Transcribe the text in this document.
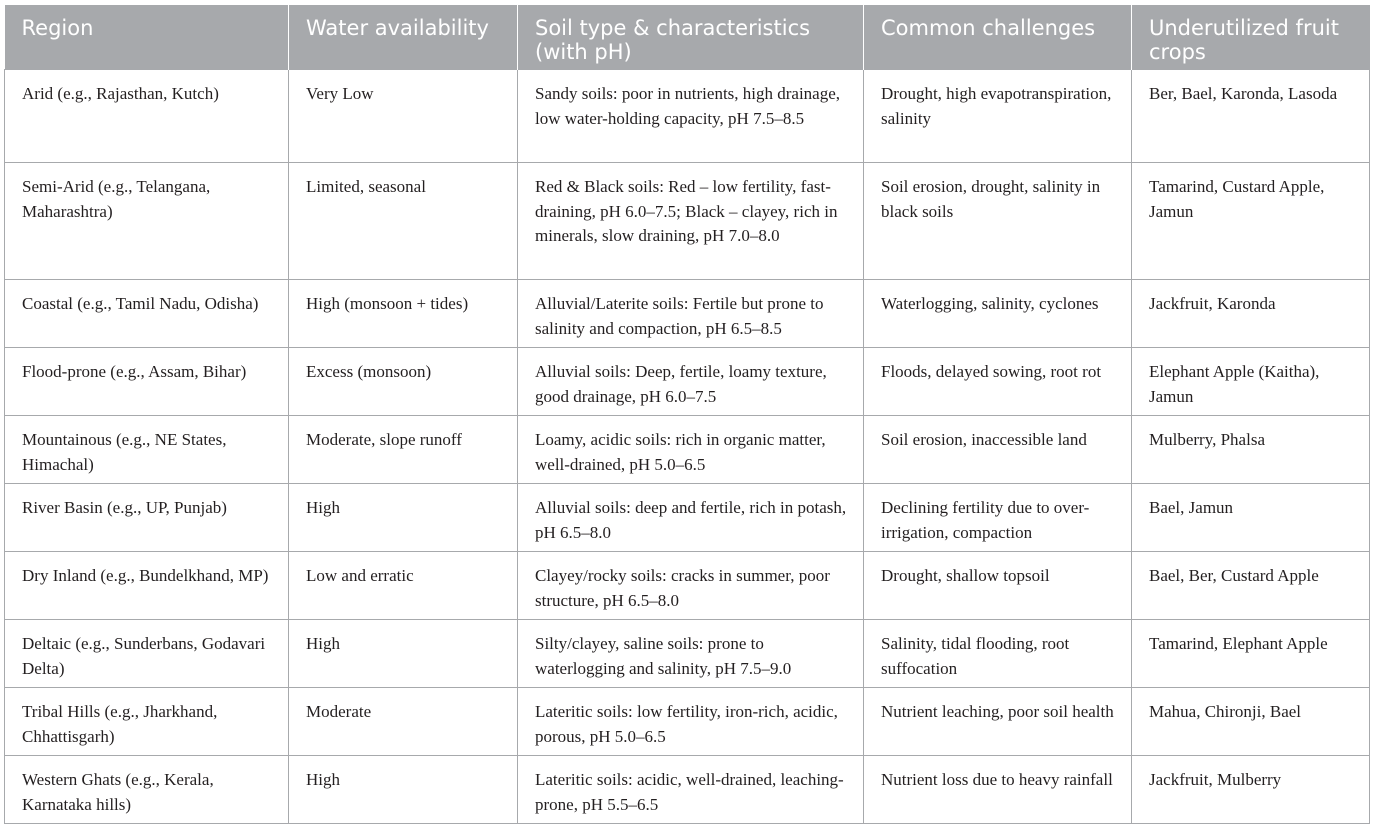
Region	Water availability	Soil type & characteristics (with pH)	Common challenges	Underutilized fruit crops
Arid (e.g., Rajasthan, Kutch)	Very Low	Sandy soils: poor in nutrients, high drainage, low water-holding capacity, pH 7.5–8.5	Drought, high evapotranspiration, salinity	Ber, Bael, Karonda, Lasoda
Semi-Arid (e.g., Telangana, Maharashtra)	Limited, seasonal	Red & Black soils: Red – low fertility, fast-draining, pH 6.0–7.5; Black – clayey, rich in minerals, slow draining, pH 7.0–8.0	Soil erosion, drought, salinity in black soils	Tamarind, Custard Apple, Jamun
Coastal (e.g., Tamil Nadu, Odisha)	High (monsoon + tides)	Alluvial/Laterite soils: Fertile but prone to salinity and compaction, pH 6.5–8.5	Waterlogging, salinity, cyclones	Jackfruit, Karonda
Flood-prone (e.g., Assam, Bihar)	Excess (monsoon)	Alluvial soils: Deep, fertile, loamy texture, good drainage, pH 6.0–7.5	Floods, delayed sowing, root rot	Elephant Apple (Kaitha), Jamun
Mountainous (e.g., NE States, Himachal)	Moderate, slope runoff	Loamy, acidic soils: rich in organic matter, well-drained, pH 5.0–6.5	Soil erosion, inaccessible land	Mulberry, Phalsa
River Basin (e.g., UP, Punjab)	High	Alluvial soils: deep and fertile, rich in potash, pH 6.5–8.0	Declining fertility due to over-irrigation, compaction	Bael, Jamun
Dry Inland (e.g., Bundelkhand, MP)	Low and erratic	Clayey/rocky soils: cracks in summer, poor structure, pH 6.5–8.0	Drought, shallow topsoil	Bael, Ber, Custard Apple
Deltaic (e.g., Sunderbans, Godavari Delta)	High	Silty/clayey, saline soils: prone to waterlogging and salinity, pH 7.5–9.0	Salinity, tidal flooding, root suffocation	Tamarind, Elephant Apple
Tribal Hills (e.g., Jharkhand, Chhattisgarh)	Moderate	Lateritic soils: low fertility, iron-rich, acidic, porous, pH 5.0–6.5	Nutrient leaching, poor soil health	Mahua, Chironji, Bael
Western Ghats (e.g., Kerala, Karnataka hills)	High	Lateritic soils: acidic, well-drained, leaching-prone, pH 5.5–6.5	Nutrient loss due to heavy rainfall	Jackfruit, Mulberry
